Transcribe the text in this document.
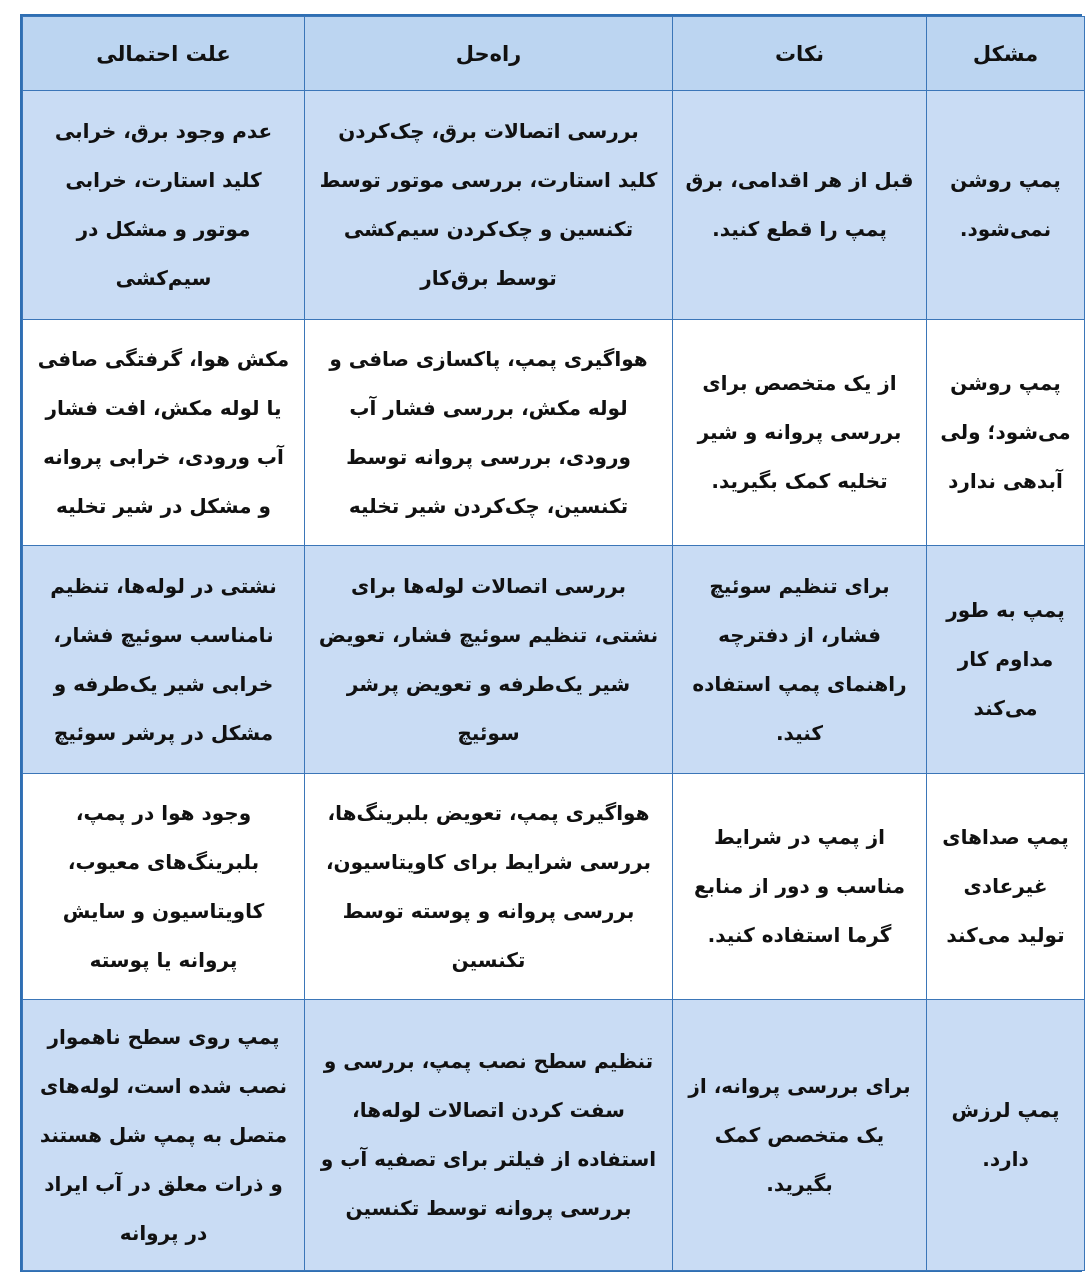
مشکل	نکات	راه‌حل	علت احتمالی
پمپ روشن نمی‌شود.	قبل از هر اقدامی، برق پمپ را قطع کنید.	بررسی اتصالات برق، چک‌کردن کلید استارت، بررسی موتور توسط تکنسین و چک‌کردن سیم‌کشی توسط برق‌کار	عدم وجود برق، خرابی کلید استارت، خرابی موتور و مشکل در سیم‌کشی
پمپ روشن می‌شود؛ ولی آبدهی ندارد	از یک متخصص برای بررسی پروانه و شیر تخلیه کمک بگیرید.	هواگیری پمپ، پاکسازی صافی و لوله مکش، بررسی فشار آب ورودی، بررسی پروانه توسط تکنسین، چک‌کردن شیر تخلیه	مکش هوا، گرفتگی صافی یا لوله مکش، افت فشار آب ورودی، خرابی پروانه و مشکل در شیر تخلیه
پمپ به طور مداوم کار می‌کند	برای تنظیم سوئیچ فشار، از دفترچه راهنمای پمپ استفاده کنید.	بررسی اتصالات لوله‌ها برای نشتی، تنظیم سوئیچ فشار، تعویض شیر یک‌طرفه و تعویض پرشر سوئیچ	نشتی در لوله‌ها، تنظیم نامناسب سوئیچ فشار، خرابی شیر یک‌طرفه و مشکل در پرشر سوئیچ
پمپ صداهای غیرعادی تولید می‌کند	از پمپ در شرایط مناسب و دور از منابع گرما استفاده کنید.	هواگیری پمپ، تعویض بلبرینگ‌ها، بررسی شرایط برای کاویتاسیون، بررسی پروانه و پوسته توسط تکنسین	وجود هوا در پمپ، بلبرینگ‌های معیوب، کاویتاسیون و سایش پروانه یا پوسته
پمپ لرزش دارد.	برای بررسی پروانه، از یک متخصص کمک بگیرید.	تنظیم سطح نصب پمپ، بررسی و سفت کردن اتصالات لوله‌ها، استفاده از فیلتر برای تصفیه آب و بررسی پروانه توسط تکنسین	پمپ روی سطح ناهموار نصب شده است، لوله‌های متصل به پمپ شل هستند و ذرات معلق در آب ایراد در پروانه
